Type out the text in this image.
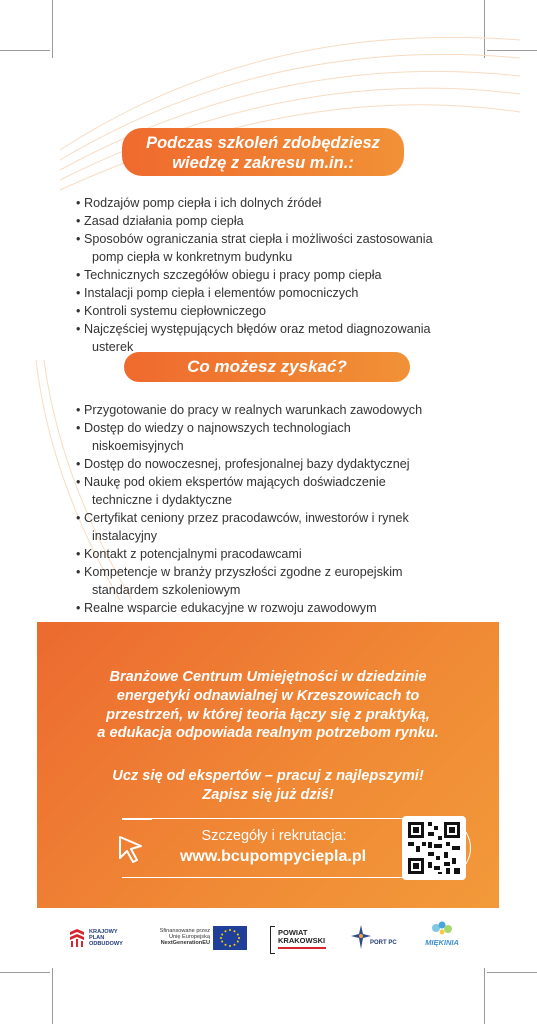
Podczas szkoleń zdobędziesz
wiedzę z zakresu m.in.:
• Rodzajów pomp ciepła i ich dolnych źródeł
• Zasad działania pomp ciepła
• Sposobów ograniczania strat ciepła i możliwości zastosowania
pomp ciepła w konkretnym budynku
• Technicznych szczegółów obiegu i pracy pomp ciepła
• Instalacji pomp ciepła i elementów pomocniczych
• Kontroli systemu ciepłowniczego
• Najczęściej występujących błędów oraz metod diagnozowania
usterek
Co możesz zyskać?
• Przygotowanie do pracy w realnych warunkach zawodowych
• Dostęp do wiedzy o najnowszych technologiach
niskoemisyjnych
• Dostęp do nowoczesnej, profesjonalnej bazy dydaktycznej
• Naukę pod okiem ekspertów mających doświadczenie
techniczne i dydaktyczne
• Certyfikat ceniony przez pracodawców, inwestorów i rynek
instalacyjny
• Kontakt z potencjalnymi pracodawcami
• Kompetencje w branży przyszłości zgodne z europejskim
standardem szkoleniowym
• Realne wsparcie edukacyjne w rozwoju zawodowym
Branżowe Centrum Umiejętności w dziedzinie
energetyki odnawialnej w Krzeszowicach to
przestrzeń, w której teoria łączy się z praktyką,
a edukacja odpowiada realnym potrzebom rynku.
Ucz się od ekspertów – pracuj z najlepszymi!
Zapisz się już dziś!
Szczegóły i rekrutacja:
www.bcupompyciepla.pl
KRAJOWY
PLAN
ODBUDOWY
Sfinansowane przez
Unię Europejską
NextGenerationEU
POWIAT
KRAKOWSKI	PORT PC	MIĘKINIA
